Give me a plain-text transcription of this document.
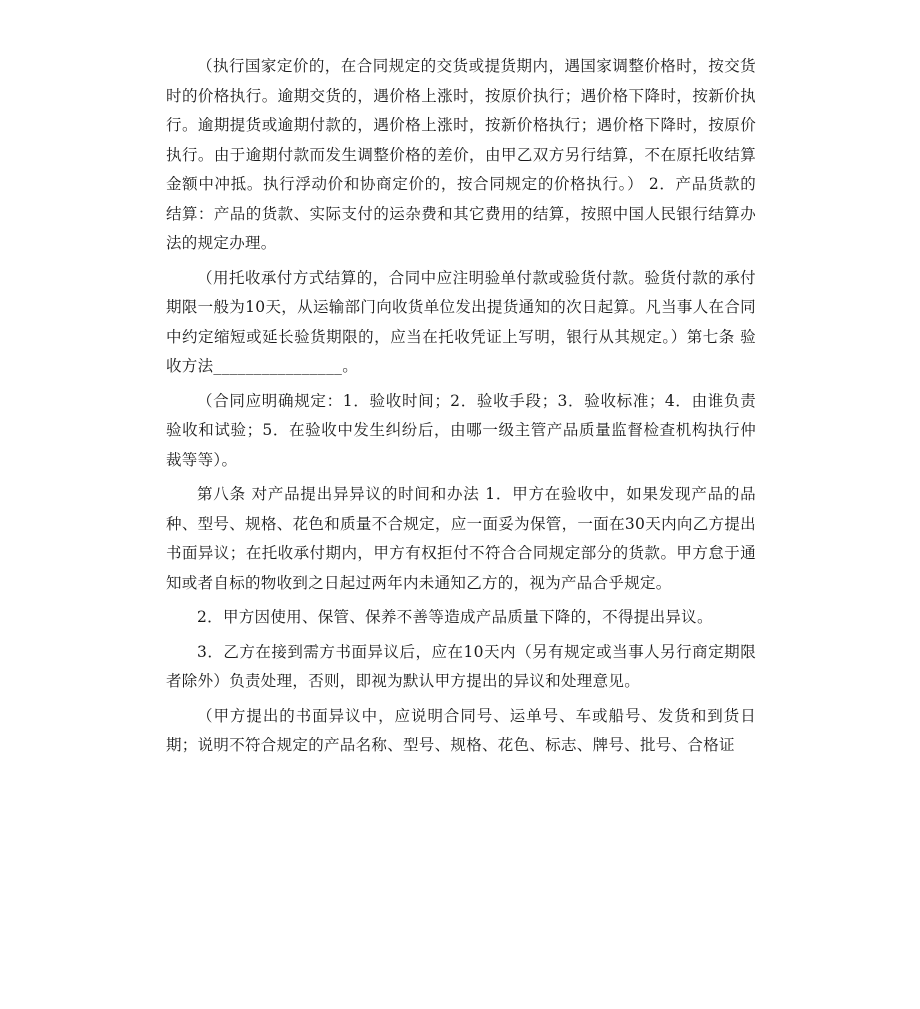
（执行国家定价的，在合同规定的交货或提货期内，遇国家调整价格时，按交货时的价格执行。逾期交货的，遇价格上涨时，按原价执行；遇价格下降时，按新价执行。逾期提货或逾期付款的，遇价格上涨时，按新价格执行；遇价格下降时，按原价执行。由于逾期付款而发生调整价格的差价，由甲乙双方另行结算，不在原托收结算金额中冲抵。执行浮动价和协商定价的，按合同规定的价格执行。） 2．产品货款的结算：产品的货款、实际支付的运杂费和其它费用的结算，按照中国人民银行结算办法的规定办理。

（用托收承付方式结算的，合同中应注明验单付款或验货付款。验货付款的承付期限一般为10天，从运输部门向收货单位发出提货通知的次日起算。凡当事人在合同中约定缩短或延长验货期限的，应当在托收凭证上写明，银行从其规定。）第七条 验收方法________________。

（合同应明确规定：1．验收时间；2．验收手段；3．验收标准；4．由谁负责验收和试验；5．在验收中发生纠纷后，由哪一级主管产品质量监督检查机构执行仲裁等等）。

第八条 对产品提出异异议的时间和办法 1．甲方在验收中，如果发现产品的品种、型号、规格、花色和质量不合规定，应一面妥为保管，一面在30天内向乙方提出书面异议；在托收承付期内，甲方有权拒付不符合合同规定部分的货款。甲方怠于通知或者自标的物收到之日起过两年内未通知乙方的，视为产品合乎规定。

2．甲方因使用、保管、保养不善等造成产品质量下降的，不得提出异议。

3．乙方在接到需方书面异议后，应在10天内（另有规定或当事人另行商定期限者除外）负责处理，否则，即视为默认甲方提出的异议和处理意见。

（甲方提出的书面异议中，应说明合同号、运单号、车或船号、发货和到货日期；说明不符合规定的产品名称、型号、规格、花色、标志、牌号、批号、合格证
